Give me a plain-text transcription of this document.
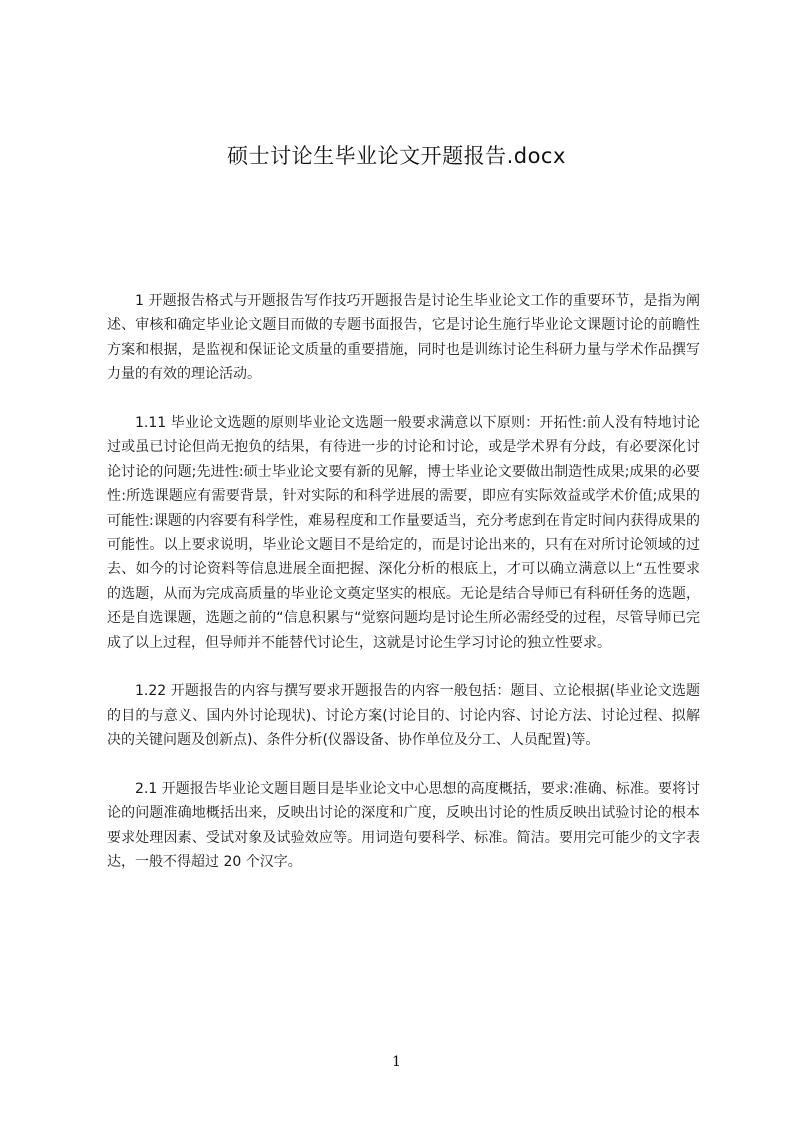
硕士讨论生毕业论文开题报告.docx

1 开题报告格式与开题报告写作技巧开题报告是讨论生毕业论文工作的重要环节，是指为阐述、审核和确定毕业论文题目而做的专题书面报告，它是讨论生施行毕业论文课题讨论的前瞻性方案和根据，是监视和保证论文质量的重要措施，同时也是训练讨论生科研力量与学术作品撰写力量的有效的理论活动。

1.11 毕业论文选题的原则毕业论文选题一般要求满意以下原则：开拓性:前人没有特地讨论过或虽已讨论但尚无抱负的结果，有待进一步的讨论和讨论，或是学术界有分歧，有必要深化讨论讨论的问题;先进性:硕士毕业论文要有新的见解，博士毕业论文要做出制造性成果;成果的必要性:所选课题应有需要背景，针对实际的和科学进展的需要，即应有实际效益或学术价值;成果的可能性:课题的内容要有科学性，难易程度和工作量要适当，充分考虑到在肯定时间内获得成果的可能性。以上要求说明，毕业论文题目不是给定的，而是讨论出来的，只有在对所讨论领域的过去、如今的讨论资料等信息进展全面把握、深化分析的根底上，才可以确立满意以上“五性要求的选题，从而为完成高质量的毕业论文奠定坚实的根底。无论是结合导师已有科研任务的选题，还是自选课题，选题之前的“信息积累与“觉察问题均是讨论生所必需经受的过程，尽管导师已完成了以上过程，但导师并不能替代讨论生，这就是讨论生学习讨论的独立性要求。

1.22 开题报告的内容与撰写要求开题报告的内容一般包括：题目、立论根据(毕业论文选题的目的与意义、国内外讨论现状)、讨论方案(讨论目的、讨论内容、讨论方法、讨论过程、拟解决的关键问题及创新点)、条件分析(仪器设备、协作单位及分工、人员配置)等。

2.1 开题报告毕业论文题目题目是毕业论文中心思想的高度概括，要求:准确、标准。要将讨论的问题准确地概括出来，反映出讨论的深度和广度，反映出讨论的性质反映出试验讨论的根本要求处理因素、受试对象及试验效应等。用词造句要科学、标准。简洁。要用完可能少的文字表达，一般不得超过 20 个汉字。

1
